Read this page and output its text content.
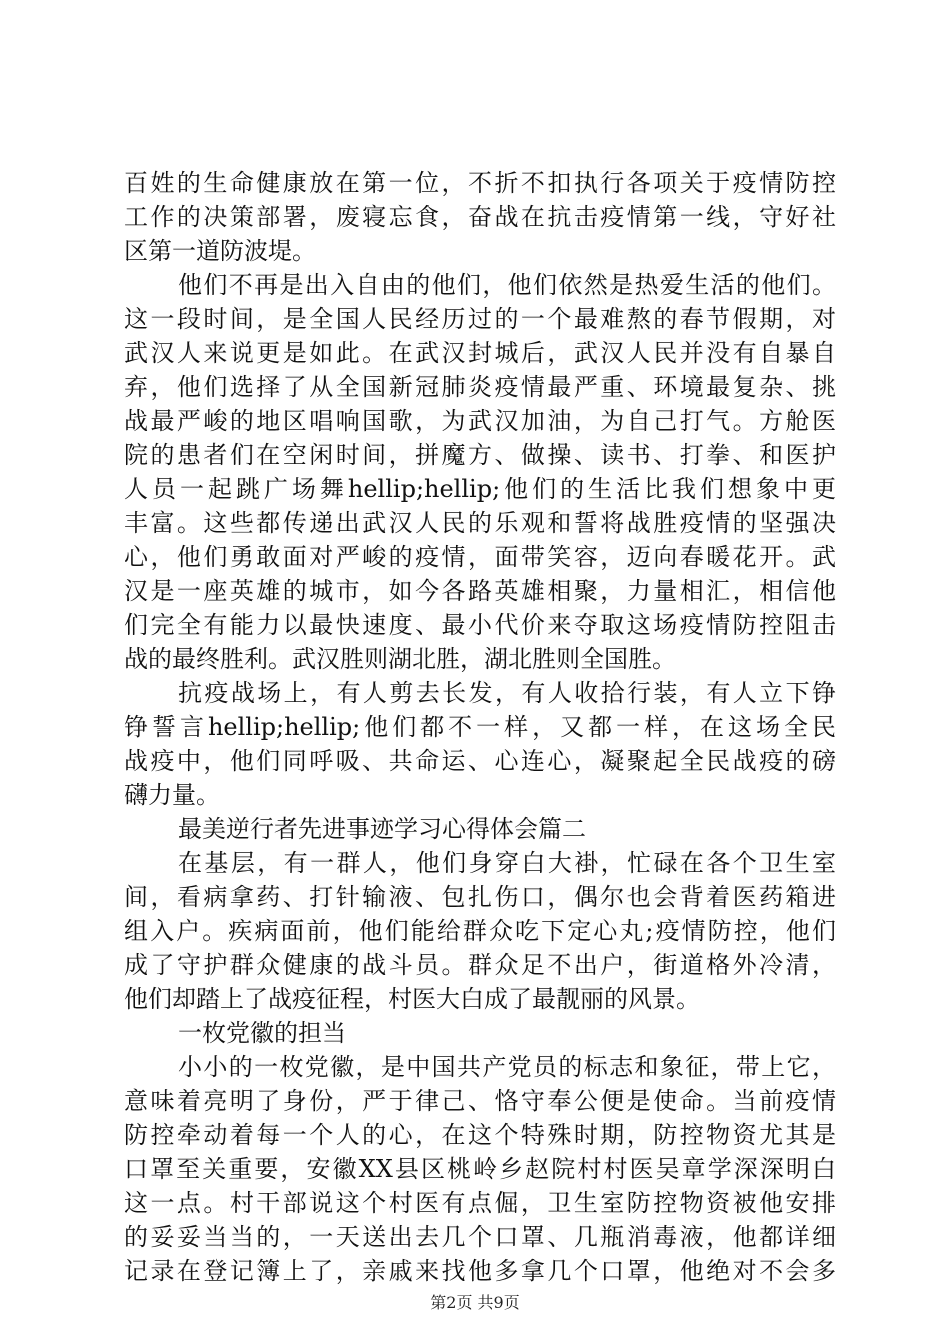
百姓的生命健康放在第一位，不折不扣执行各项关于疫情防控
工作的决策部署，废寝忘食，奋战在抗击疫情第一线，守好社
区第一道防波堤。
他们不再是出入自由的他们，他们依然是热爱生活的他们。
这一段时间，是全国人民经历过的一个最难熬的春节假期，对
武汉人来说更是如此。在武汉封城后，武汉人民并没有自暴自
弃，他们选择了从全国新冠肺炎疫情最严重、环境最复杂、挑
战最严峻的地区唱响国歌，为武汉加油，为自己打气。方舱医
院的患者们在空闲时间，拼魔方、做操、读书、打拳、和医护
人员一起跳广场舞hellip;hellip;他们的生活比我们想象中更
丰富。这些都传递出武汉人民的乐观和誓将战胜疫情的坚强决
心，他们勇敢面对严峻的疫情，面带笑容，迈向春暖花开。武
汉是一座英雄的城市，如今各路英雄相聚，力量相汇，相信他
们完全有能力以最快速度、最小代价来夺取这场疫情防控阻击
战的最终胜利。武汉胜则湖北胜，湖北胜则全国胜。
抗疫战场上，有人剪去长发，有人收拾行装，有人立下铮
铮誓言hellip;hellip;他们都不一样，又都一样，在这场全民
战疫中，他们同呼吸、共命运、心连心，凝聚起全民战疫的磅
礴力量。
最美逆行者先进事迹学习心得体会篇二
在基层，有一群人，他们身穿白大褂，忙碌在各个卫生室
间，看病拿药、打针输液、包扎伤口，偶尔也会背着医药箱进
组入户。疾病面前，他们能给群众吃下定心丸;疫情防控，他们
成了守护群众健康的战斗员。群众足不出户，街道格外冷清，
他们却踏上了战疫征程，村医大白成了最靓丽的风景。
一枚党徽的担当
小小的一枚党徽，是中国共产党员的标志和象征，带上它，
意味着亮明了身份，严于律己、恪守奉公便是使命。当前疫情
防控牵动着每一个人的心，在这个特殊时期，防控物资尤其是
口罩至关重要，安徽XX县区桃岭乡赵院村村医吴章学深深明白
这一点。村干部说这个村医有点倔，卫生室防控物资被他安排
的妥妥当当的，一天送出去几个口罩、几瓶消毒液，他都详细
记录在登记簿上了，亲戚来找他多拿几个口罩，他绝对不会多
第2页 共9页
